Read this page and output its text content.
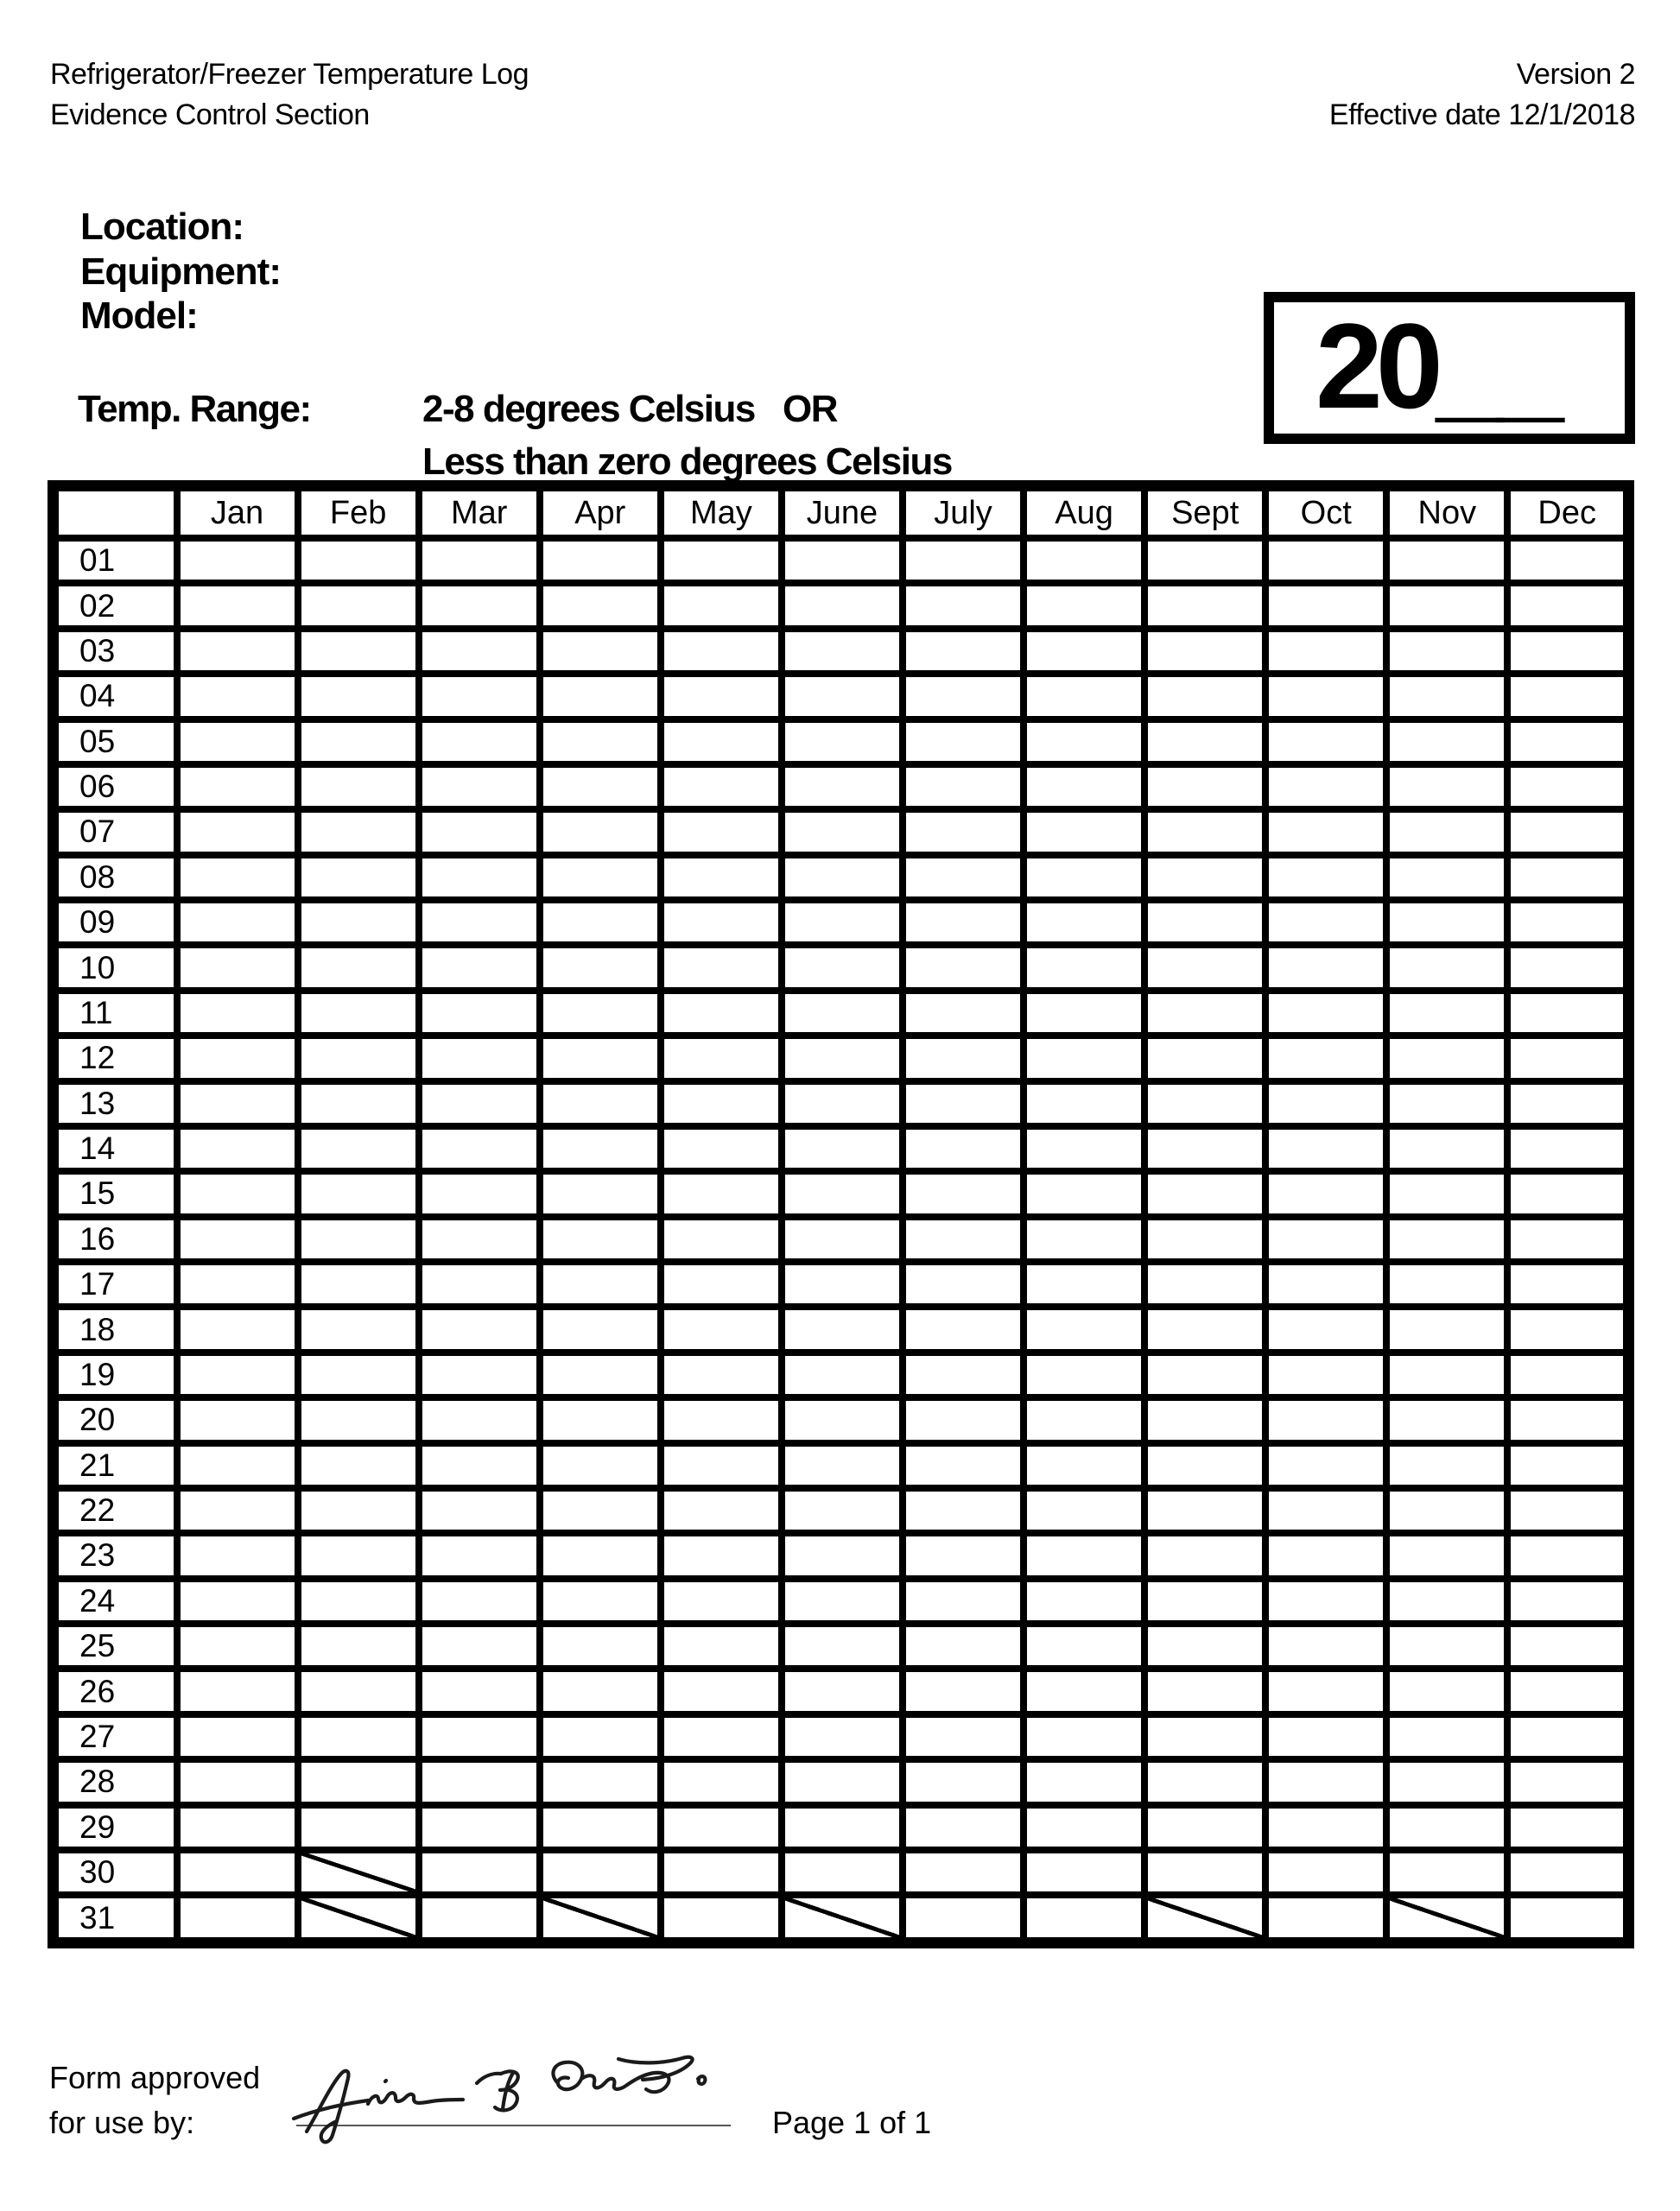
Refrigerator/Freezer Temperature Log
Evidence Control Section
Version 2
Effective date 12/1/2018
Location:
Equipment:
Model:
Temp. Range:	2-8 degrees Celsius   OR
Less than zero degrees Celsius
20__
	Jan	Feb	Mar	Apr	May	June	July	Aug	Sept	Oct	Nov	Dec
01												
02												
03												
04												
05												
06												
07												
08												
09												
10												
11												
12												
13												
14												
15												
16												
17												
18												
19												
20												
21												
22												
23												
24												
25												
26												
27												
28												
29												
30												
31												
Form approved
for use by:	Page 1 of 1
